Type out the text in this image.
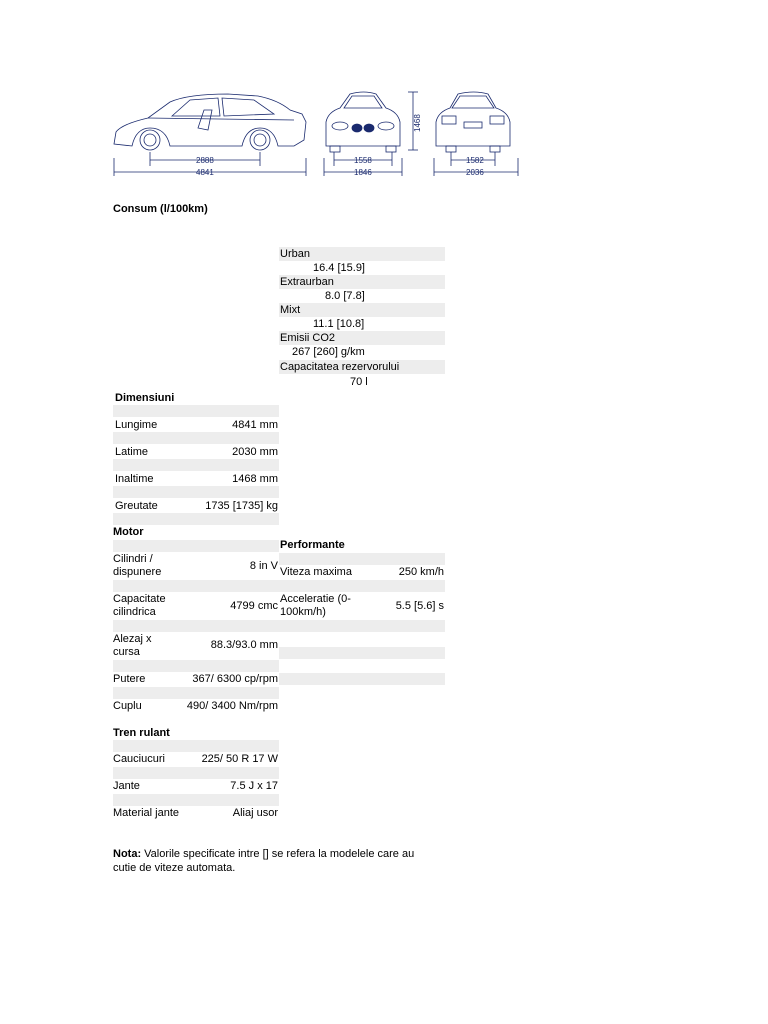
2888
4841
1558
1846
1582
2036
1468
Consum (l/100km)
Urban
16.4 [15.9]
Extraurban
8.0 [7.8]
Mixt
11.1 [10.8]
Emisii CO2
267 [260] g/km
Capacitatea rezervorului
70 l
Dimensiuni
Lungime	4841 mm
Latime	2030 mm
Inaltime	1468 mm
Greutate	1735 [1735] kg
Motor
Cilindri /
dispunere	8 in V
Capacitate
cilindrica	4799 cmc
Alezaj x
cursa
88.3/93.0 mm
Putere	367/ 6300 cp/rpm
Cuplu	490/ 3400 Nm/rpm
Performante
Viteza maxima	250 km/h
Acceleratie (0-
100km/h)	5.5 [5.6] s
Tren rulant
Cauciucuri	225/ 50 R 17 W
Jante	7.5 J x 17
Material jante	Aliaj usor
Nota: Valorile specificate intre [] se refera la modelele care au
cutie de viteze automata.
